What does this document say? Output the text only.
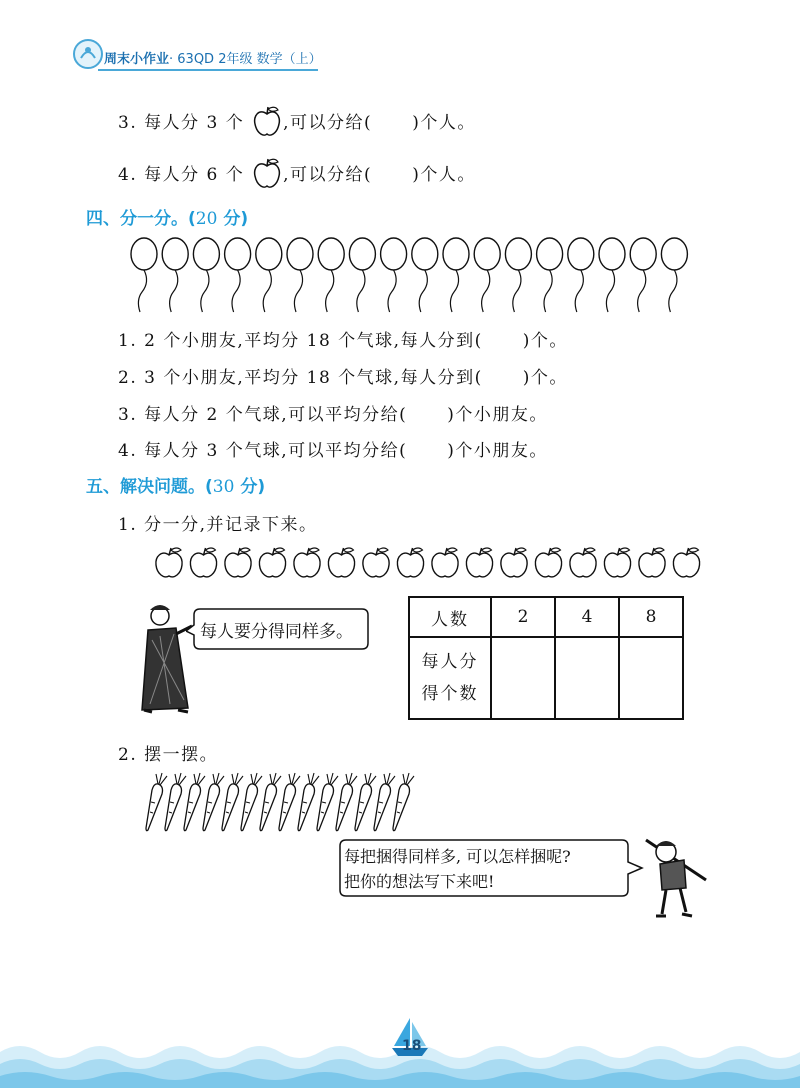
周末小作业· 63QD 2年级 数学（上）
3. 每人分 3 个 ,可以分给( )个人。
4. 每人分 6 个 ,可以分给( )个人。
四、分一分。(20 分)
1. 2 个小朋友,平均分 18 个气球,每人分到( )个。
2. 3 个小朋友,平均分 18 个气球,每人分到( )个。
3. 每人分 2 个气球,可以平均分给( )个小朋友。
4. 每人分 3 个气球,可以平均分给( )个小朋友。
五、解决问题。(30 分)
1. 分一分,并记录下来。
每人要分得同样多。
人数	2	4	8

每人分
得个数			

2. 摆一摆。
每把捆得同样多, 可以怎样捆呢?
把你的想法写下来吧!
18
